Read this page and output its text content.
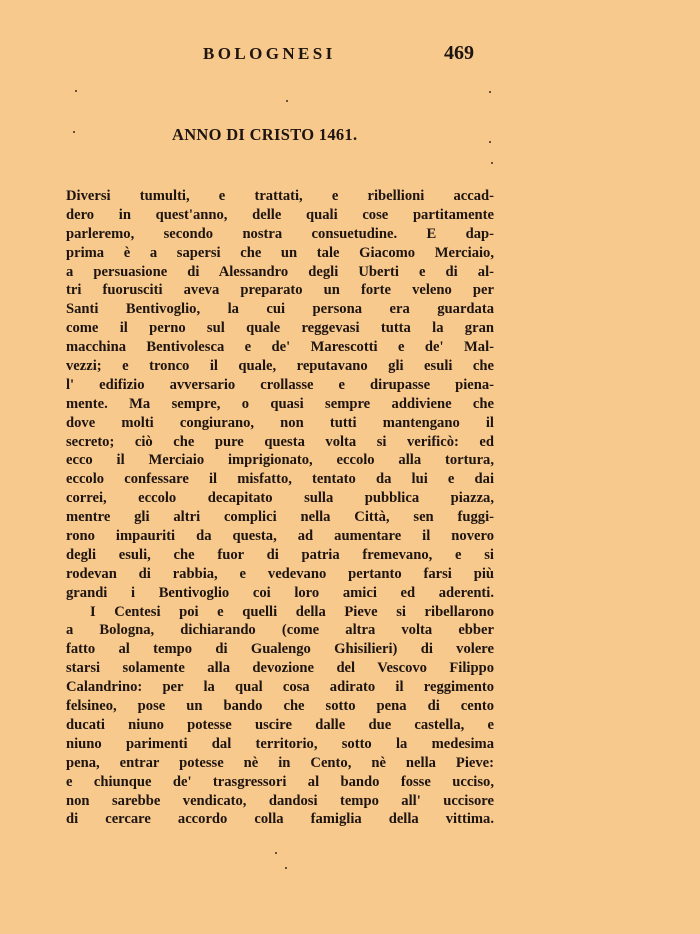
BOLOGNESI	469
ANNO DI CRISTO 1461.
Diversi tumulti, e trattati, e ribellioni accad-
dero in quest'anno, delle quali cose partitamente
parleremo, secondo nostra consuetudine. E dap-
prima è a sapersi che un tale Giacomo Merciaio,
a persuasione di Alessandro degli Uberti e di al-
tri fuorusciti aveva preparato un forte veleno per
Santi Bentivoglio, la cui persona era guardata
come il perno sul quale reggevasi tutta la gran
macchina Bentivolesca e de' Marescotti e de' Mal-
vezzi; e tronco il quale, reputavano gli esuli che
l' edifizio avversario crollasse e dirupasse piena-
mente. Ma sempre, o quasi sempre addiviene che
dove molti congiurano, non tutti mantengano il
secreto; ciò che pure questa volta si verificò: ed
ecco il Merciaio imprigionato, eccolo alla tortura,
eccolo confessare il misfatto, tentato da lui e dai
correi, eccolo decapitato sulla pubblica piazza,
mentre gli altri complici nella Città, sen fuggi-
rono impauriti da questa, ad aumentare il novero
degli esuli, che fuor di patria fremevano, e si
rodevan di rabbia, e vedevano pertanto farsi più
grandi i Bentivoglio coi loro amici ed aderenti.
I Centesi poi e quelli della Pieve si ribellarono
a Bologna, dichiarando (come altra volta ebber
fatto al tempo di Gualengo Ghisilieri) di volere
starsi solamente alla devozione del Vescovo Filippo
Calandrino: per la qual cosa adirato il reggimento
felsineo, pose un bando che sotto pena di cento
ducati niuno potesse uscire dalle due castella, e
niuno parimenti dal territorio, sotto la medesima
pena, entrar potesse nè in Cento, nè nella Pieve:
e chiunque de' trasgressori al bando fosse ucciso,
non sarebbe vendicato, dandosi tempo all' uccisore
di cercare accordo colla famiglia della vittima.
